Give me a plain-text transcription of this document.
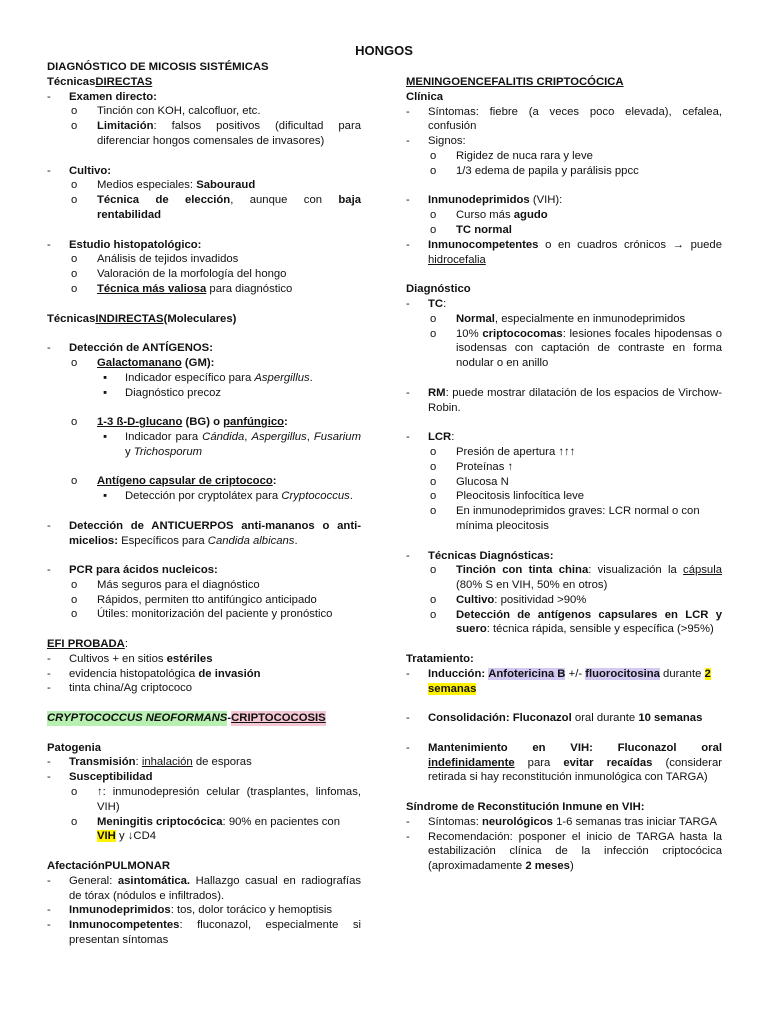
HONGOS
DIAGNÓSTICO DE MICOSIS SISTÉMICAS
Técnicas DIRECTAS
-	Examen directo:
o	Tinción con KOH, calcofluor, etc.
o	Limitación: falsos positivos (dificultad para diferenciar hongos comensales de invasores)
-	Cultivo:
o	Medios especiales: Sabouraud
o	Técnica de elección, aunque con baja rentabilidad
-	Estudio histopatológico:
o	Análisis de tejidos invadidos
o	Valoración de la morfología del hongo
o	Técnica más valiosa para diagnóstico
Técnicas INDIRECTAS (Moleculares)
-	Detección de ANTÍGENOS:
o	Galactomanano (GM):
▪	Indicador específico para Aspergillus.
▪	Diagnóstico precoz
o	1-3 ß-D-glucano (BG) o panfúngico:
▪	Indicador para Cándida, Aspergillus, Fusarium y Trichosporum
o	Antígeno capsular de criptococo:
▪	Detección por cryptolátex para Cryptococcus.
-	Detección de ANTICUERPOS anti-mananos o anti-micelios: Específicos para Candida albicans.
-	PCR para ácidos nucleicos:
o	Más seguros para el diagnóstico
o	Rápidos, permiten tto antifúngico anticipado
o	Útiles: monitorización del paciente y pronóstico
EFI PROBADA :
-	Cultivos + en sitios estériles
-	evidencia histopatológica de invasión
-	tinta china/Ag criptococo
CRYPTOCOCCUS NEOFORMANS - CRIPTOCOCOSIS
Patogenia
-	Transmisión: inhalación de esporas
-	Susceptibilidad
o	↑: inmunodepresión celular (trasplantes, linfomas, VIH)
o	Meningitis criptocócica: 90% en pacientes con VIH y ↓CD4
Afectación PULMONAR
-	General: asintomática. Hallazgo casual en radiografías de tórax (nódulos e infiltrados).
-	Inmunodeprimidos: tos, dolor torácico y hemoptisis
-	Inmunocompetentes: fluconazol, especialmente si presentan síntomas
MENINGOENCEFALITIS CRIPTOCÓCICA
Clínica
-	Síntomas: fiebre (a veces poco elevada), cefalea, confusión
-	Signos:
o	Rigidez de nuca rara y leve
o	1/3 edema de papila y parálisis ppcc
-	Inmunodeprimidos (VIH):
o	Curso más agudo
o	TC normal
-	Inmunocompetentes o en cuadros crónicos → puede hidrocefalia
Diagnóstico
-	TC:
o	Normal, especialmente en inmunodeprimidos
o	10% criptococomas: lesiones focales hipodensas o isodensas con captación de contraste en forma nodular o en anillo
-	RM: puede mostrar dilatación de los espacios de Virchow-Robin.
-	LCR:
o	Presión de apertura ↑↑↑
o	Proteínas ↑
o	Glucosa N
o	Pleocitosis linfocítica leve
o	En inmunodeprimidos graves: LCR normal o con mínima pleocitosis
-	Técnicas Diagnósticas:
o	Tinción con tinta china: visualización la cápsula (80% S en VIH, 50% en otros)
o	Cultivo: positividad >90%
o	Detección de antígenos capsulares en LCR y suero: técnica rápida, sensible y específica (>95%)
Tratamiento:
-	Inducción: Anfotericina B +/- fluorocitosina durante 2 semanas
-	Consolidación: Fluconazol oral durante 10 semanas
-	Mantenimiento en VIH: Fluconazol oral indefinidamente para evitar recaídas (considerar retirada si hay reconstitución inmunológica con TARGA)
Síndrome de Reconstitución Inmune en VIH:
-	Síntomas: neurológicos 1-6 semanas tras iniciar TARGA
-	Recomendación: posponer el inicio de TARGA hasta la estabilización clínica de la infección criptocócica (aproximadamente 2 meses)
